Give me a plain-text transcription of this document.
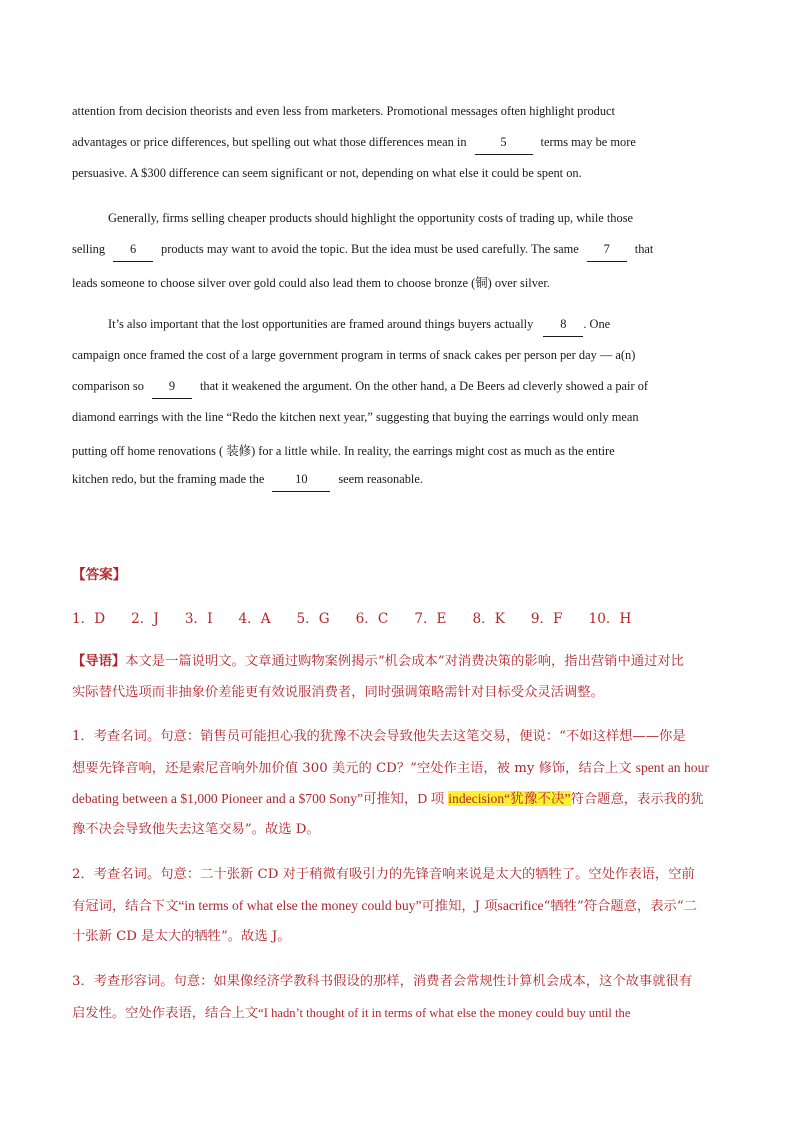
attention from decision theorists and even less from marketers. Promotional messages often highlight product
advantages or price differences, but spelling out what those differences mean in	5	terms may be more
persuasive. A $300 difference can seem significant or not, depending on what else it could be spent on.
Generally, firms selling cheaper products should highlight the opportunity costs of trading up, while those
selling	6	products may want to avoid the topic. But the idea must be used carefully. The same	7	that
leads someone to choose silver over gold could also lead them to choose bronze (铜) over silver.
It’s also important that the lost opportunities are framed around things buyers actually	8	. One
campaign once framed the cost of a large government program in terms of snack cakes per person per day — a(n)
comparison so	9	that it weakened the argument. On the other hand, a De Beers ad cleverly showed a pair of
diamond earrings with the line “Redo the kitchen next year,” suggesting that buying the earrings would only mean
putting off home renovations ( 装修) for a little while. In reality, the earrings might cost as much as the entire
kitchen redo, but the framing made the	10	seem reasonable.
【答案】
1．D 2．J 3．I 4．A 5．G 6．C 7．E 8．K 9．F 10．H
【导语】本文是一篇说明文。文章通过购物案例揭示“机会成本”对消费决策的影响，指出营销中通过对比
实际替代选项而非抽象价差能更有效说服消费者，同时强调策略需针对目标受众灵活调整。
1．考查名词。句意：销售员可能担心我的犹豫不决会导致他失去这笔交易，便说：“不如这样想——你是
想要先锋音响，还是索尼音响外加价值 300 美元的 CD？”空处作主语，被 my 修饰，结合上文 spent an hour
debating between a $1,000 Pioneer and a $700 Sony”可推知，D 项 indecision“犹豫不决”符合题意，表示我的犹
豫不决会导致他失去这笔交易”。故选 D。
2．考查名词。句意：二十张新 CD 对于稍微有吸引力的先锋音响来说是太大的牺牲了。空处作表语，空前
有冠词，结合下文“in terms of what else the money could buy”可推知，J 项sacrifice“牺牲”符合题意，表示“二
十张新 CD 是太大的牺牲”。故选 J。
3．考查形容词。句意：如果像经济学教科书假设的那样，消费者会常规性计算机会成本，这个故事就很有
启发性。空处作表语，结合上文“I hadn’t thought of it in terms of what else the money could buy until the
